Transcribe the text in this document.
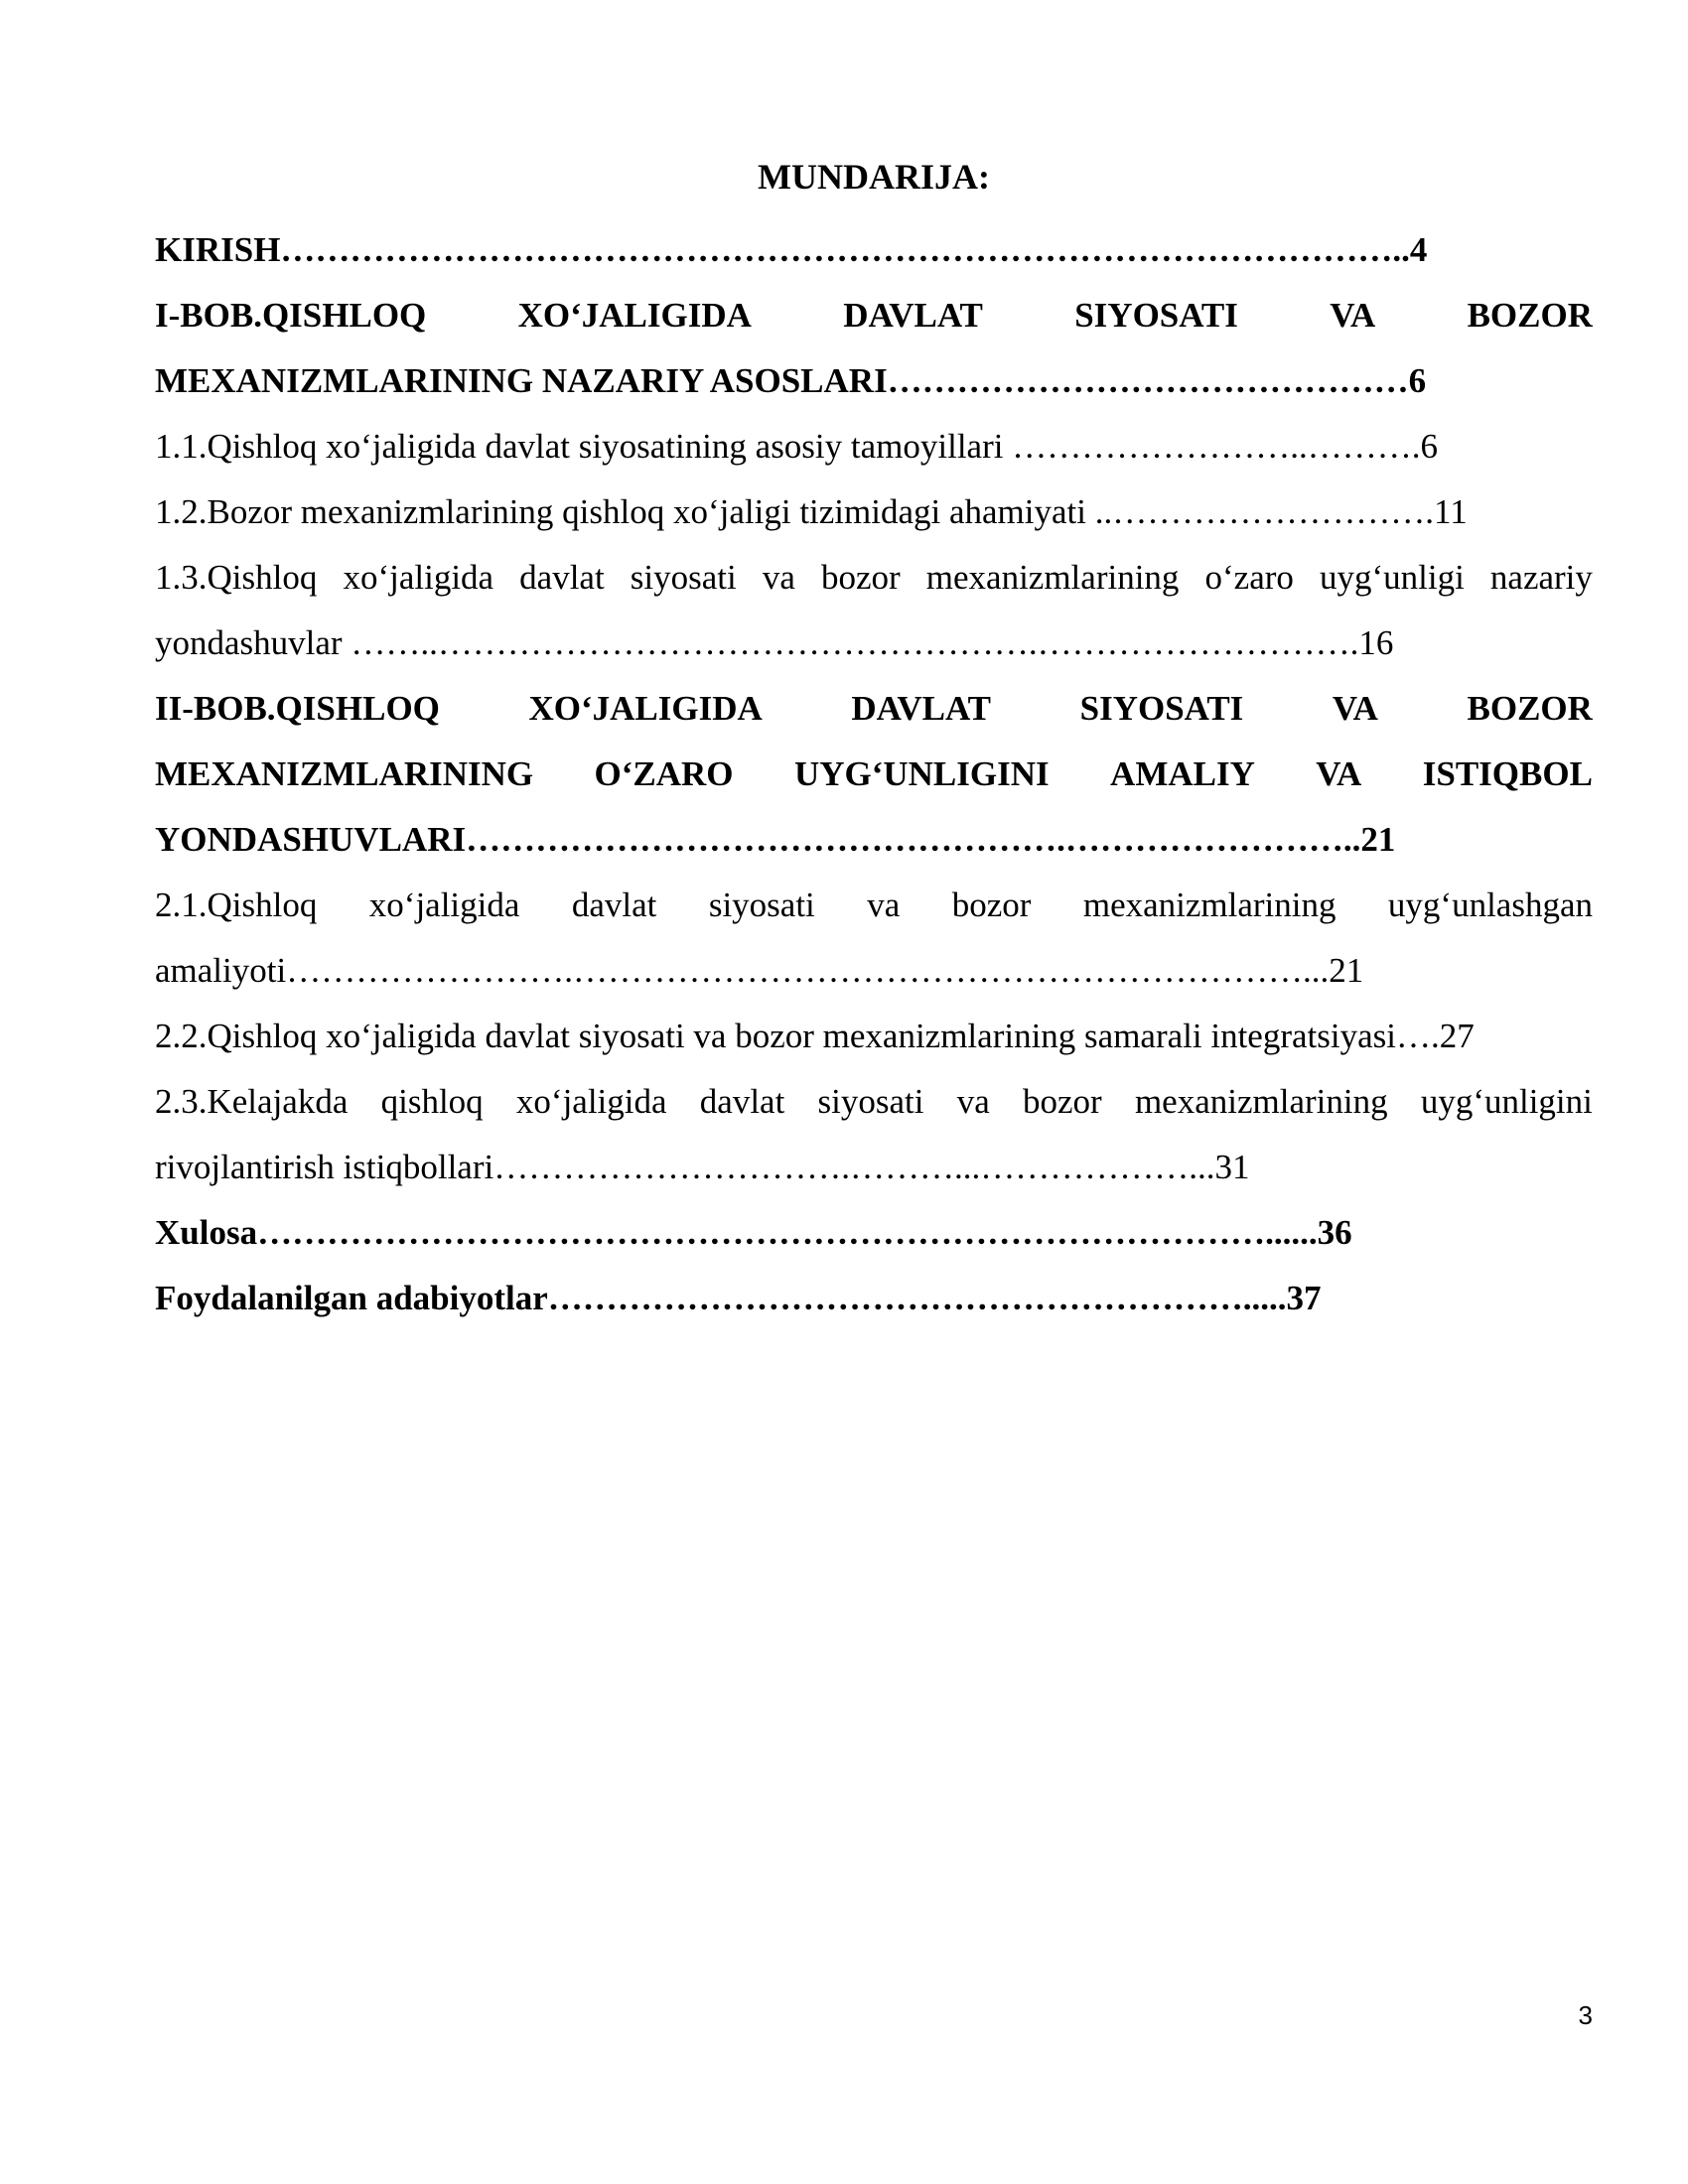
MUNDARIJA:
KIRISH……………………………………………………………………………………..4
I-BOB.QISHLOQ	XO‘JALIGIDA	DAVLAT	SIYOSATI	VA	BOZOR
MEXANIZMLARINING NAZARIY ASOSLARI………………………………………6
1.1.Qishloq xo‘jaligida davlat siyosatining asosiy tamoyillari ……………………..……….6
1.2.Bozor mexanizmlarining qishloq xo‘jaligi tizimidagi ahamiyati ..……………………….11
1.3.Qishloq xo‘jaligida davlat siyosati va bozor mexanizmlarining o‘zaro uyg‘unligi nazariy
yondashuvlar ……..…………………………………………….……………………….16
II-BOB.QISHLOQ	XO‘JALIGIDA	DAVLAT	SIYOSATI	VA	BOZOR
MEXANIZMLARINING O‘ZARO UYG‘UNLIGINI AMALIY VA ISTIQBOL
YONDASHUVLARI…………………………………………….……………………..21
2.1.Qishloq xo‘jaligida davlat siyosati va bozor mexanizmlarining uyg‘unlashgan
amaliyoti…………………….………………………………………………………...21
2.2.Qishloq xo‘jaligida davlat siyosati va bozor mexanizmlarining samarali integratsiyasi….27
2.3.Kelajakda qishloq xo‘jaligida davlat siyosati va bozor mexanizmlarining uyg‘unligini
rivojlantirish istiqbollari………………………….………...………………...31
Xulosa……………………………………………………………………………......36
Foydalanilgan adabiyotlar…………………………………………………….....37
3
